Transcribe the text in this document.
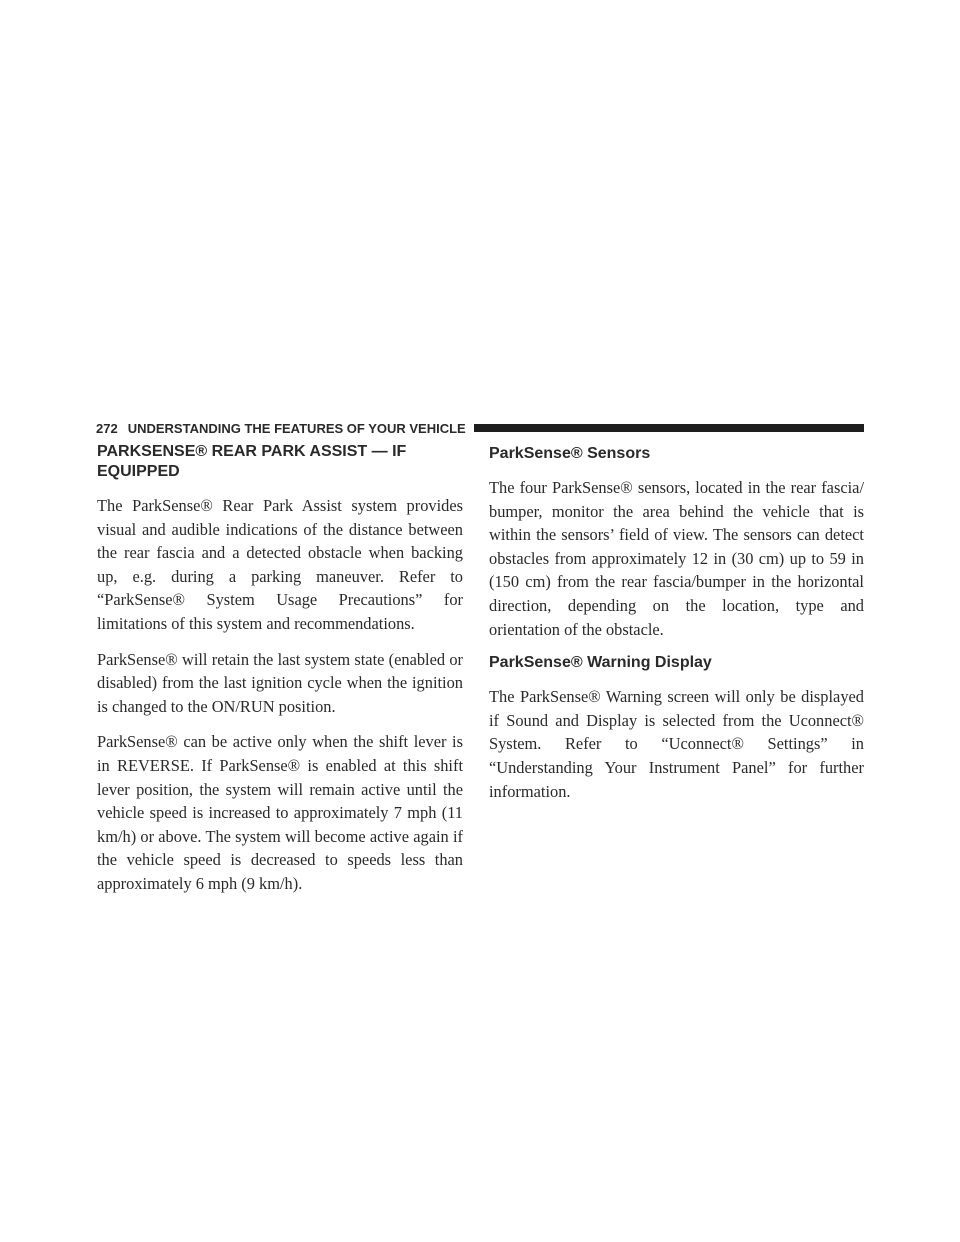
272 UNDERSTANDING THE FEATURES OF YOUR VEHICLE
PARKSENSE® REAR PARK ASSIST — IF EQUIPPED

The ParkSense® Rear Park Assist system provides visual and audible indications of the distance between the rear fascia and a detected obstacle when backing up, e.g. during a parking maneuver. Refer to “ParkSense® System Usage Precautions” for limitations of this system and recommendations.

ParkSense® will retain the last system state (enabled or disabled) from the last ignition cycle when the ignition is changed to the ON/RUN position.

ParkSense® can be active only when the shift lever is in REVERSE. If ParkSense® is enabled at this shift lever position, the system will remain active until the vehicle speed is increased to approximately 7 mph (11 km/h) or above. The system will become active again if the vehicle speed is decreased to speeds less than approximately 6 mph (9 km/h).

ParkSense® Sensors

The four ParkSense® sensors, located in the rear fascia/ bumper, monitor the area behind the vehicle that is within the sensors’ field of view. The sensors can detect obstacles from approximately 12 in (30 cm) up to 59 in (150 cm) from the rear fascia/bumper in the horizontal direction, depending on the location, type and orientation of the obstacle.

ParkSense® Warning Display

The ParkSense® Warning screen will only be displayed if Sound and Display is selected from the Uconnect® System. Refer to “Uconnect® Settings” in “Understanding Your Instrument Panel” for further information.
